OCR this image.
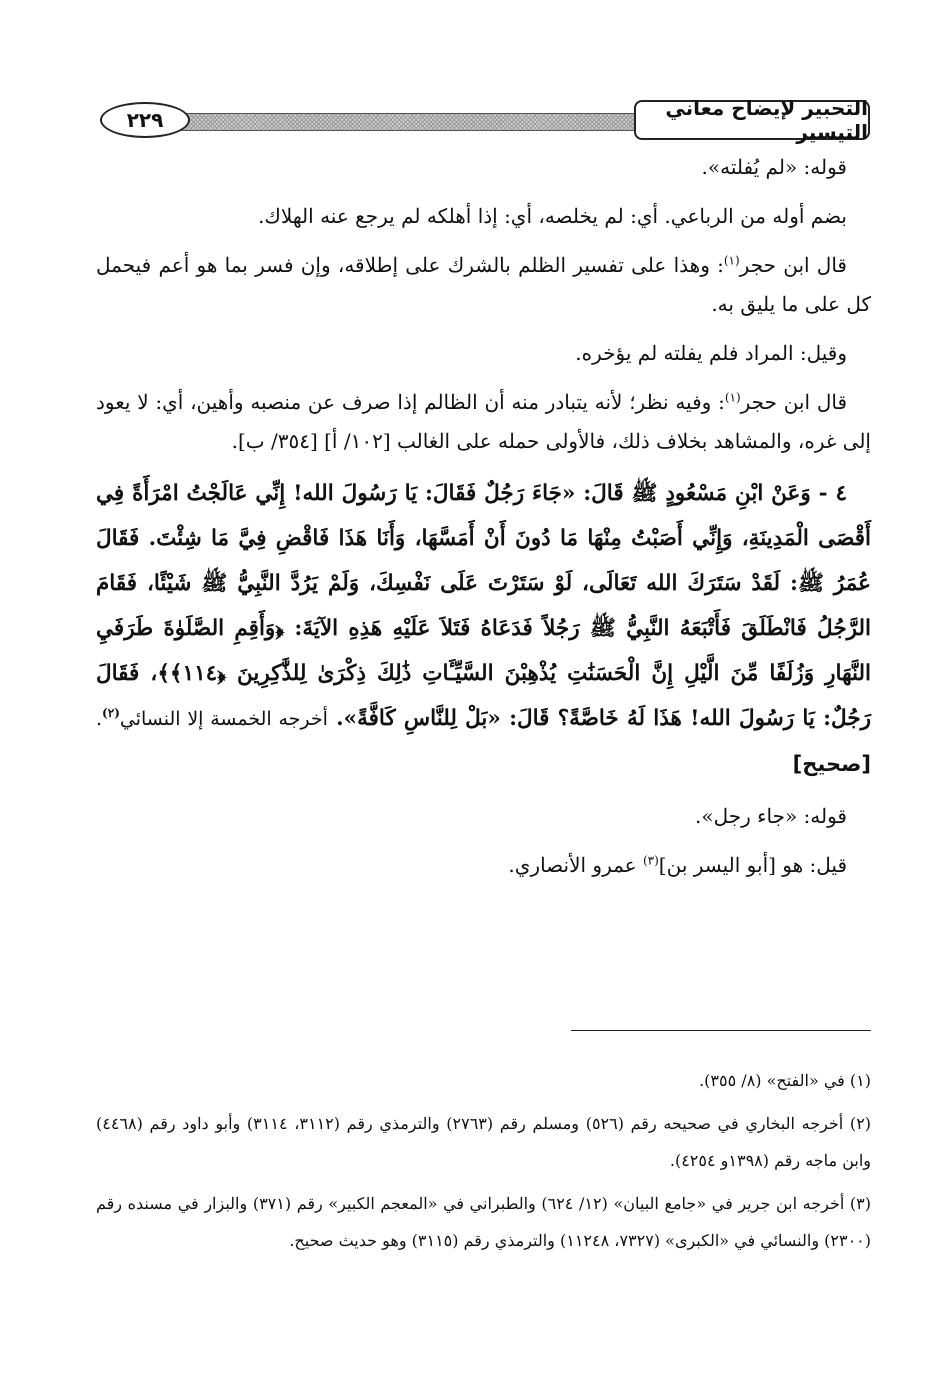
التحبير لإيضاح معاني التيسير
٢٢٩

قوله: «لم يُفلته».

بضم أوله من الرباعي. أي: لم يخلصه، أي: إذا أهلكه لم يرجع عنه الهلاك.

قال ابن حجر$^{(١)}$: وهذا على تفسير الظلم بالشرك على إطلاقه، وإن فسر بما هو أعم فيحمل كل على ما يليق به.

وقيل: المراد فلم يفلته لم يؤخره.

قال ابن حجر$^{(١)}$: وفيه نظر؛ لأنه يتبادر منه أن الظالم إذا صرف عن منصبه وأهين، أي: لا يعود إلى غره، والمشاهد بخلاف ذلك، فالأولى حمله على الغالب [١٠٢/ أ] [٣٥٤/ ب].

٤ - وَعَنْ ابْنِ مَسْعُودٍ ﷺ قَالَ: «جَاءَ رَجُلٌ فَقَالَ: يَا رَسُولَ الله! إِنِّي عَالَجْتُ امْرَأَةً فِي أَقْصَى الْمَدِينَةِ، وَإِنِّي أَصَبْتُ مِنْهَا مَا دُونَ أَنْ أَمَسَّهَا، وَأَنَا هَذَا فَاقْضِ فِيَّ مَا شِئْتَ. فَقَالَ عُمَرُ ﷺ: لَقَدْ سَتَرَكَ الله تَعَالَى، لَوْ سَتَرْتَ عَلَى نَفْسِكَ، وَلَمْ يَرُدَّ النَّبِيُّ ﷺ شَيْئًا، فَقَامَ الرَّجُلُ فَانْطَلَقَ فَأَتْبَعَهُ النَّبِيُّ ﷺ رَجُلاً فَدَعَاهُ فَتَلاَ عَلَيْهِ هَذِهِ الآيَةَ: ﴿وَأَقِمِ الصَّلَوٰةَ طَرَفَيِ النَّهَارِ وَزُلَفًا مِّنَ الَّيْلِ إِنَّ الْحَسَنَٰتِ يُذْهِبْنَ السَّيِّـَٔاتِ ذَٰلِكَ ذِكْرَىٰ لِلذَّٰكِرِينَ ﴿١١٤﴾﴾، فَقَالَ رَجُلٌ: يَا رَسُولَ الله! هَذَا لَهُ خَاصَّةً؟ قَالَ: «بَلْ لِلنَّاسِ كَافَّةً». أخرجه الخمسة إلا النسائي$^{(٢)}$. [صحيح]

قوله: «جاء رجل».

قيل: هو [أبو اليسر بن]$^{(٣)}$ عمرو الأنصاري.

(١) في «الفتح» (٨/ ٣٥٥).

(٢) أخرجه البخاري في صحيحه رقم (٥٢٦) ومسلم رقم (٢٧٦٣) والترمذي رقم (٣١١٢، ٣١١٤) وأبو داود رقم (٤٤٦٨) وابن ماجه رقم (١٣٩٨و ٤٢٥٤).

(٣) أخرجه ابن جرير في «جامع البيان» (١٢/ ٦٢٤) والطبراني في «المعجم الكبير» رقم (٣٧١) والبزار في مسنده رقم (٢٣٠٠) والنسائي في «الكبرى» (٧٣٢٧، ١١٢٤٨) والترمذي رقم (٣١١٥) وهو حديث صحيح.
